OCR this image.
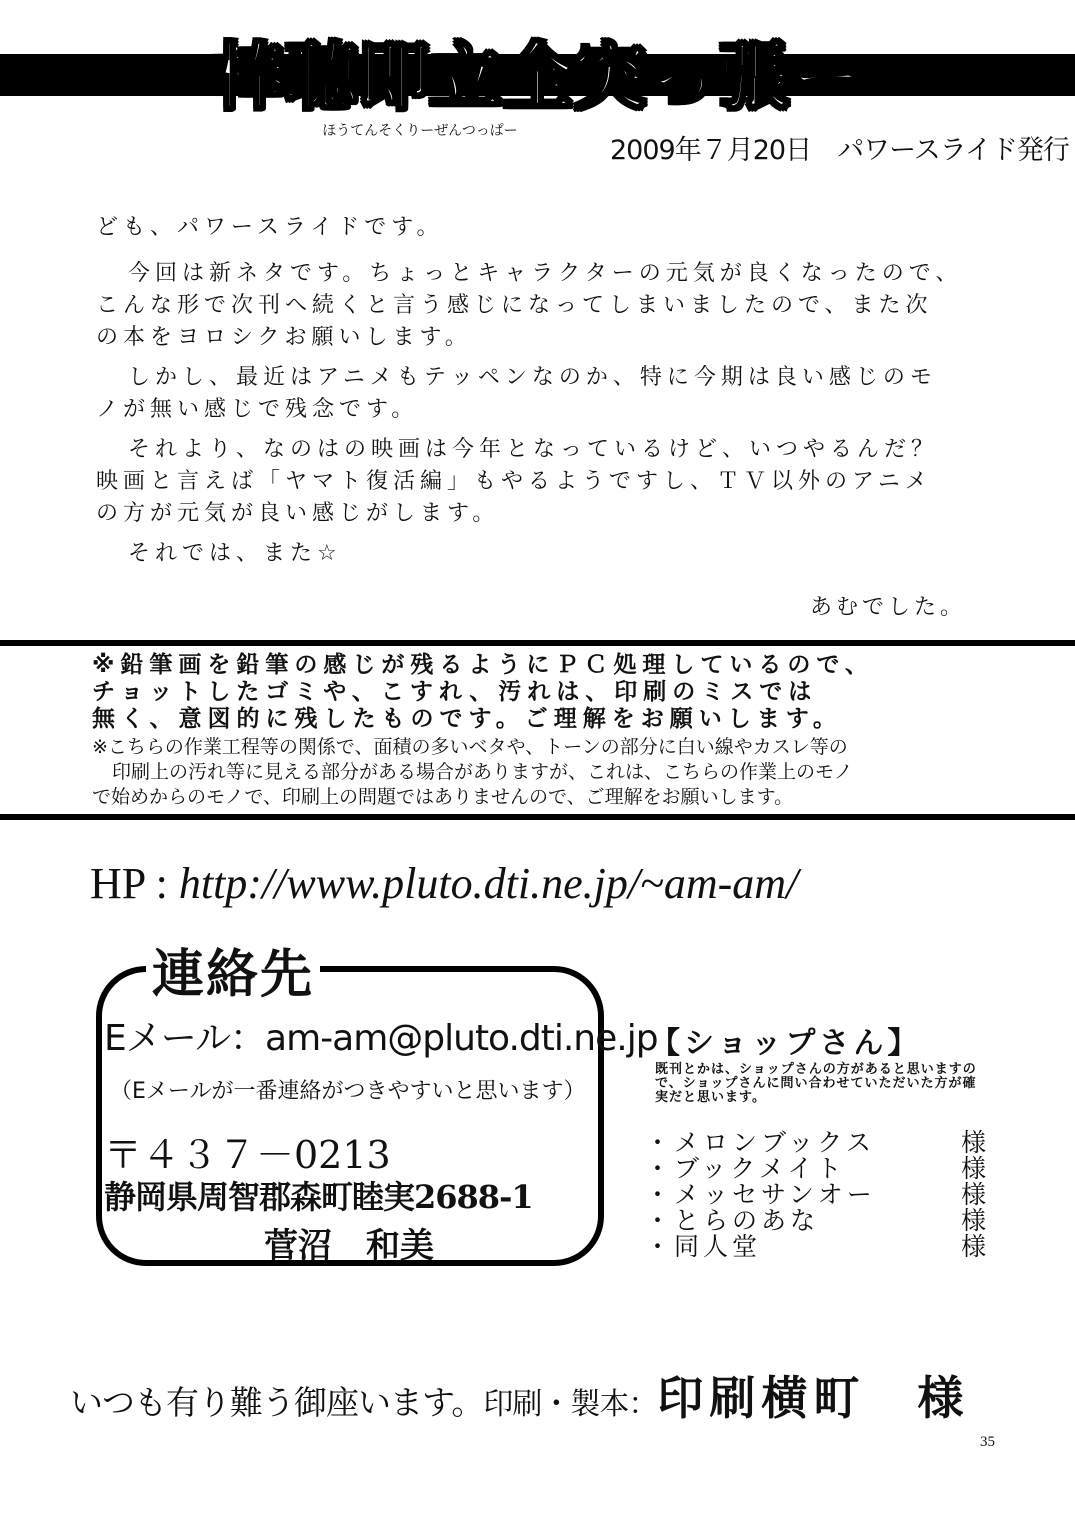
棒聴即立全突っ張ー
ほうてんそくりーぜんつっぱー
2009年７月20日　パワースライド発行
ども、パワースライドです。
今回は新ネタです。ちょっとキャラクターの元気が良くなったので、
こんな形で次刊へ続くと言う感じになってしまいましたので、また次
の本をヨロシクお願いします。
しかし、最近はアニメもテッペンなのか、特に今期は良い感じのモ
ノが無い感じで残念です。
それより、なのはの映画は今年となっているけど、いつやるんだ？
映画と言えば「ヤマト復活編」もやるようですし、ＴＶ以外のアニメ
の方が元気が良い感じがします。
それでは、また☆
あむでした。
※鉛筆画を鉛筆の感じが残るようにＰＣ処理しているので、
チョットしたゴミや、こすれ、汚れは、印刷のミスでは
無く、意図的に残したものです。ご理解をお願いします。
※こちらの作業工程等の関係で、面積の多いベタや、トーンの部分に白い線やカスレ等の
印刷上の汚れ等に見える部分がある場合がありますが、これは、こちらの作業上のモノ
で始めからのモノで、印刷上の問題ではありませんので、ご理解をお願いします。
HP : http://www.pluto.dti.ne.jp/~am-am/
連絡先
Eメール：am-am@pluto.dti.ne.jp
（Eメールが一番連絡がつきやすいと思います）
〒４３７－0213
静岡県周智郡森町睦実2688-1
菅沼　和美
【ショップさん】
既刊とかは、ショップさんの方があると思いますので、ショップさんに問い合わせていただいた方が確実だと思います。
・ メロンブックス	様
・ ブックメイト	様
・ メッセサンオー	様
・ とらのあな	様
・ 同人堂	様
いつも有り難う御座います。印刷・製本：印刷横町　様
35
